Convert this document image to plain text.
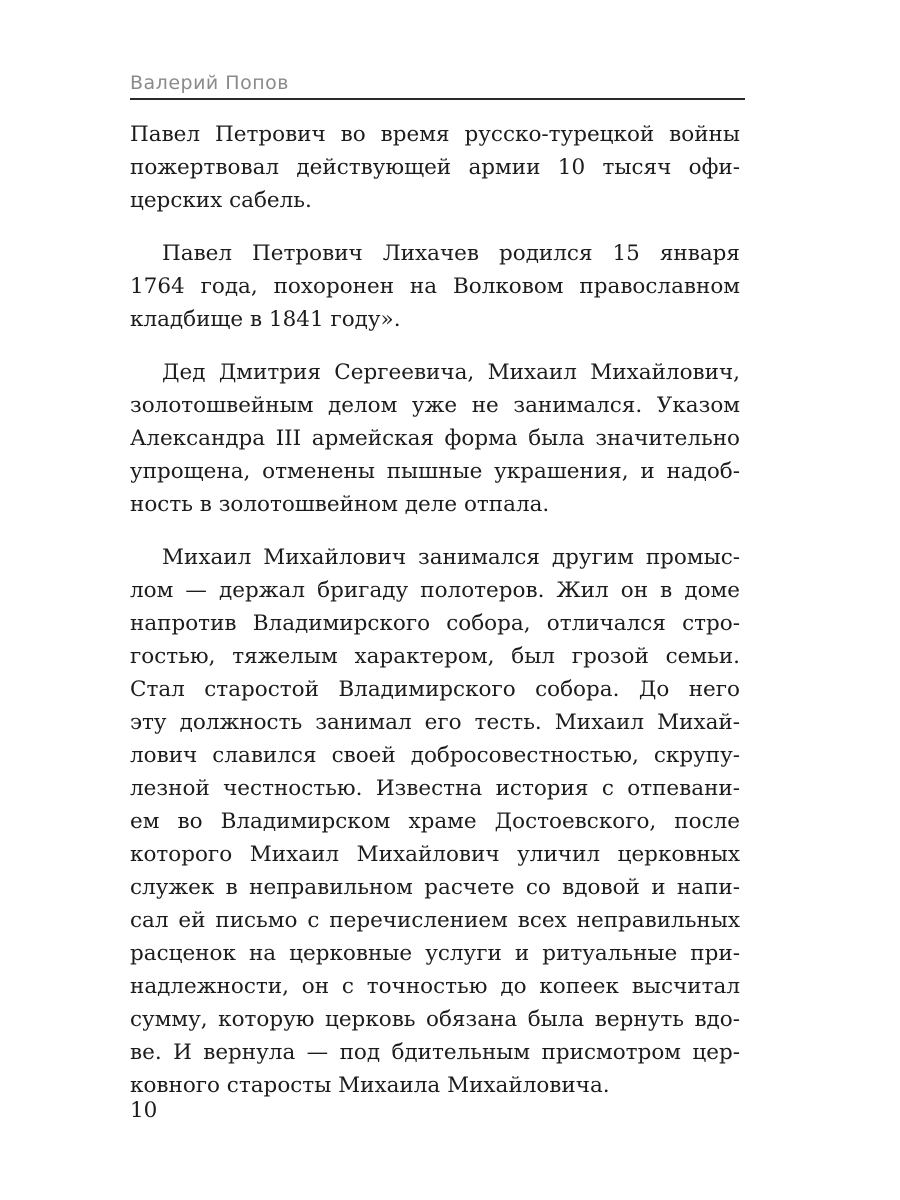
Валерий Попов
Павел Петрович во время русско-турецкой войны
пожертвовал действующей армии 10 тысяч офи-
церских сабель.
Павел Петрович Лихачев родился 15 января
1764 года, похоронен на Волковом православном
кладбище в 1841 году».
Дед Дмитрия Сергеевича, Михаил Михайлович,
золотошвейным делом уже не занимался. Указом
Александра III армейская форма была значительно
упрощена, отменены пышные украшения, и надоб-
ность в золотошвейном деле отпала.
Михаил Михайлович занимался другим промыс-
лом — держал бригаду полотеров. Жил он в доме
напротив Владимирского собора, отличался стро-
гостью, тяжелым характером, был грозой семьи.
Стал старостой Владимирского собора. До него
эту должность занимал его тесть. Михаил Михай-
лович славился своей добросовестностью, скрупу-
лезной честностью. Известна история с отпевани-
ем во Владимирском храме Достоевского, после
которого Михаил Михайлович уличил церковных
служек в неправильном расчете со вдовой и напи-
сал ей письмо с перечислением всех неправильных
расценок на церковные услуги и ритуальные при-
надлежности, он с точностью до копеек высчитал
сумму, которую церковь обязана была вернуть вдо-
ве. И вернула — под бдительным присмотром цер-
ковного старосты Михаила Михайловича.
10
